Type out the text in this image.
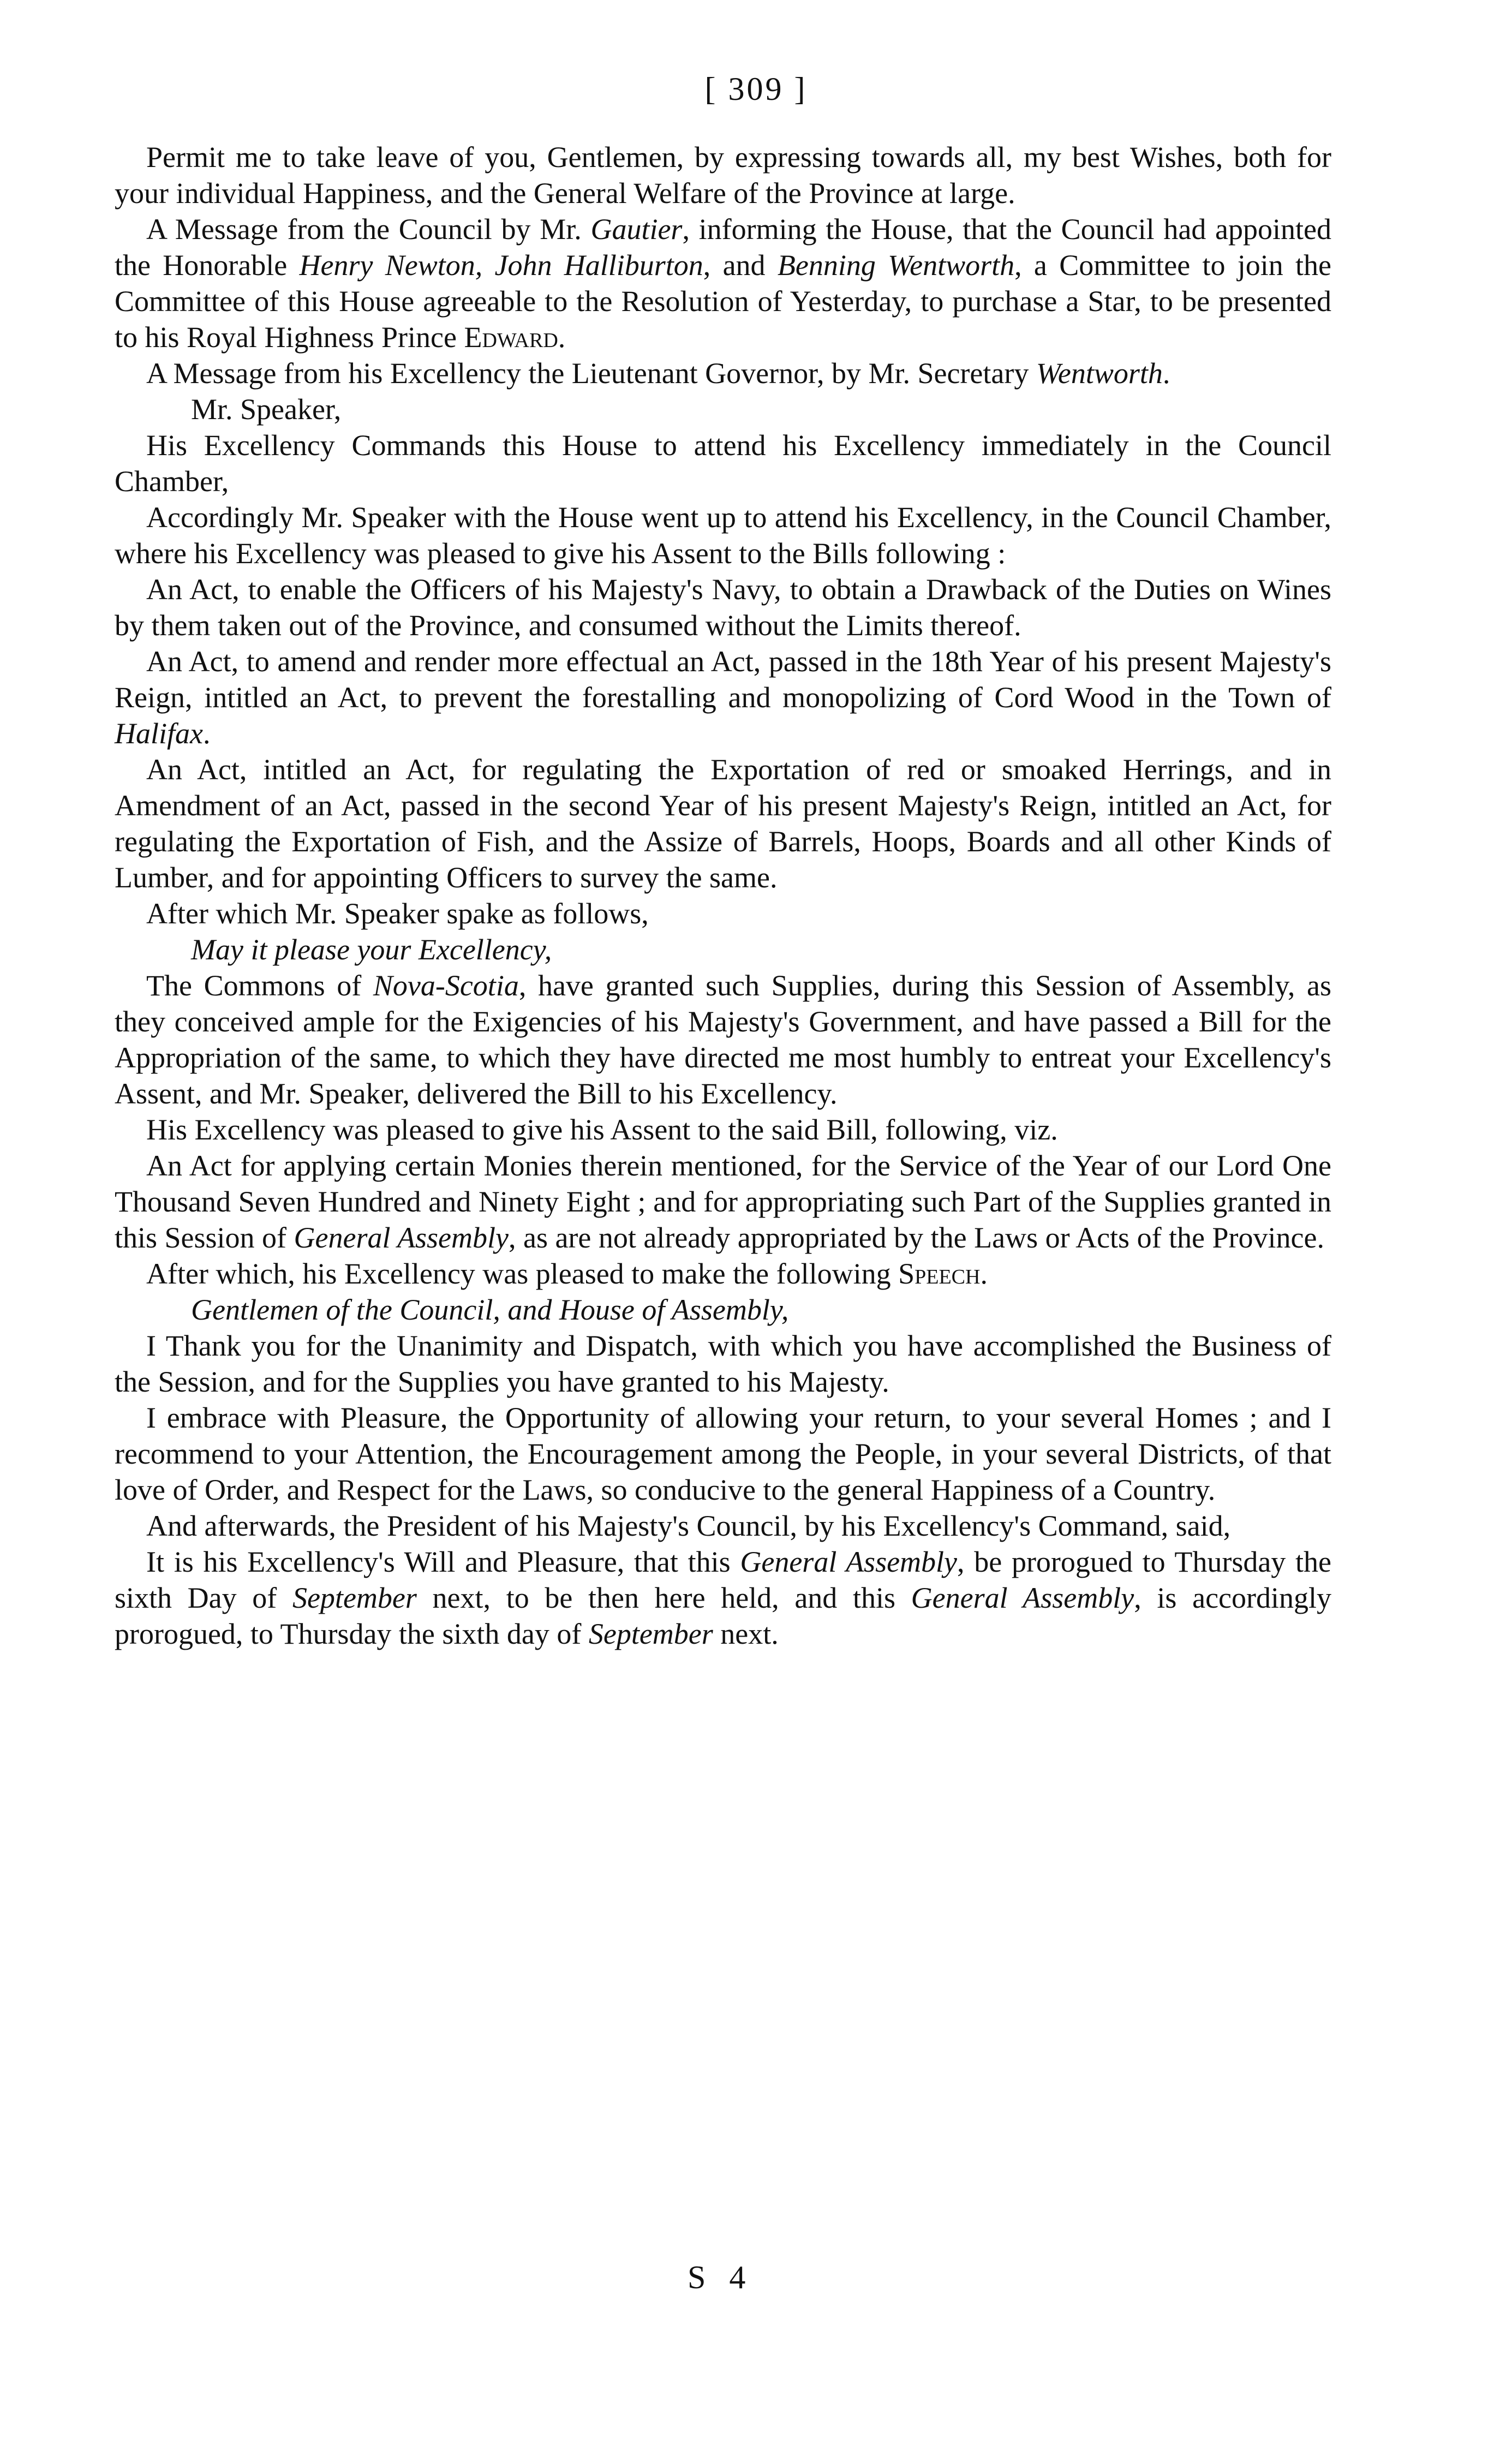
[ 309 ]

Permit me to take leave of you, Gentlemen, by expressing towards all, my best Wishes, both for your individual Happiness, and the General Welfare of the Province at large.

A Message from the Council by Mr. Gautier, informing the House, that the Council had appointed the Honorable Henry Newton, John Halliburton, and Benning Wentworth, a Committee to join the Committee of this House agreeable to the Resolution of Yesterday, to purchase a Star, to be presented to his Royal Highness Prince Edward.

A Message from his Excellency the Lieutenant Governor, by Mr. Secretary Wentworth.

Mr. Speaker,

His Excellency Commands this House to attend his Excellency immediately in the Council Chamber,

Accordingly Mr. Speaker with the House went up to attend his Excellency, in the Council Chamber, where his Excellency was pleased to give his Assent to the Bills following :

An Act, to enable the Officers of his Majesty's Navy, to obtain a Drawback of the Duties on Wines by them taken out of the Province, and consumed without the Limits thereof.

An Act, to amend and render more effectual an Act, passed in the 18th Year of his present Majesty's Reign, intitled an Act, to prevent the forestalling and monopolizing of Cord Wood in the Town of Halifax.

An Act, intitled an Act, for regulating the Exportation of red or smoaked Herrings, and in Amendment of an Act, passed in the second Year of his present Majesty's Reign, intitled an Act, for regulating the Exportation of Fish, and the Assize of Barrels, Hoops, Boards and all other Kinds of Lumber, and for appointing Officers to survey the same.

After which Mr. Speaker spake as follows,

May it please your Excellency,

The Commons of Nova-Scotia, have granted such Supplies, during this Session of Assembly, as they conceived ample for the Exigencies of his Majesty's Government, and have passed a Bill for the Appropriation of the same, to which they have directed me most humbly to entreat your Excellency's Assent, and Mr. Speaker, delivered the Bill to his Excellency.

His Excellency was pleased to give his Assent to the said Bill, following, viz.

An Act for applying certain Monies therein mentioned, for the Service of the Year of our Lord One Thousand Seven Hundred and Ninety Eight ; and for appropriating such Part of the Supplies granted in this Session of General Assembly, as are not already appropriated by the Laws or Acts of the Province.

After which, his Excellency was pleased to make the following Speech.

Gentlemen of the Council, and House of Assembly,

I Thank you for the Unanimity and Dispatch, with which you have accomplished the Business of the Session, and for the Supplies you have granted to his Majesty.

I embrace with Pleasure, the Opportunity of allowing your return, to your several Homes ; and I recommend to your Attention, the Encouragement among the People, in your several Districts, of that love of Order, and Respect for the Laws, so conducive to the general Happiness of a Country.

And afterwards, the President of his Majesty's Council, by his Excellency's Command, said,

It is his Excellency's Will and Pleasure, that this General Assembly, be prorogued to Thursday the sixth Day of September next, to be then here held, and this General Assembly, is accordingly prorogued, to Thursday the sixth day of September next.

S 4
